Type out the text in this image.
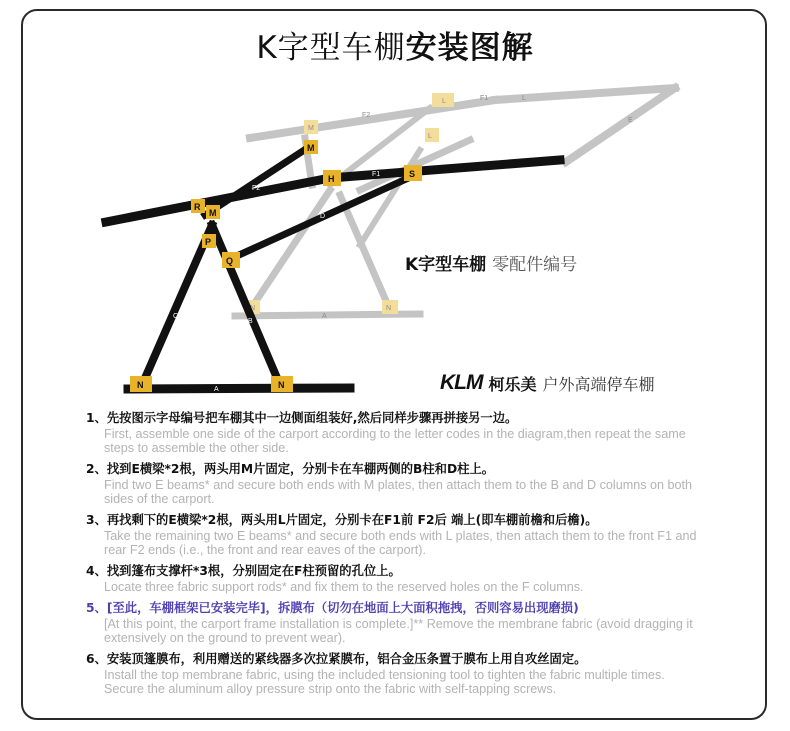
K字型车棚安装图解
L
M
L
F2
F1	L
E
A
N	N
R
M
P
Q
M
H	S
N	N
F2
F1
E
C
B
D
A
K字型车棚 零配件编号
KLM 柯乐美 户外高端停车棚
1、先按图示字母编号把车棚其中一边侧面组装好,然后同样步骤再拼接另一边。
First, assemble one side of the carport according to the letter codes in the diagram,then repeat the same steps to assemble the other side.
2、找到E横梁*2根，两头用M片固定，分别卡在车棚两侧的B柱和D柱上。
Find two E beams* and secure both ends with M plates, then attach them to the B and D columns on both sides of the carport.
3、再找剩下的E横梁*2根，两头用L片固定，分别卡在F1前 F2后 端上(即车棚前檐和后檐)。
Take the remaining two E beams* and secure both ends with L plates, then attach them to the front F1 and rear F2 ends (i.e., the front and rear eaves of the carport).
4、找到篷布支撑杆*3根，分别固定在F柱预留的孔位上。
Locate three fabric support rods* and fix them to the reserved holes on the F columns.
5、[至此，车棚框架已安装完毕]，拆膜布（切勿在地面上大面积拖拽，否则容易出现磨损)
[At this point, the carport frame installation is complete.]** Remove the membrane fabric (avoid dragging it extensively on the ground to prevent wear).
6、安装顶篷膜布，利用赠送的紧线器多次拉紧膜布，铝合金压条置于膜布上用自攻丝固定。
Install the top membrane fabric, using the included tensioning tool to tighten the fabric multiple times. Secure the aluminum alloy pressure strip onto the fabric with self-tapping screws.
